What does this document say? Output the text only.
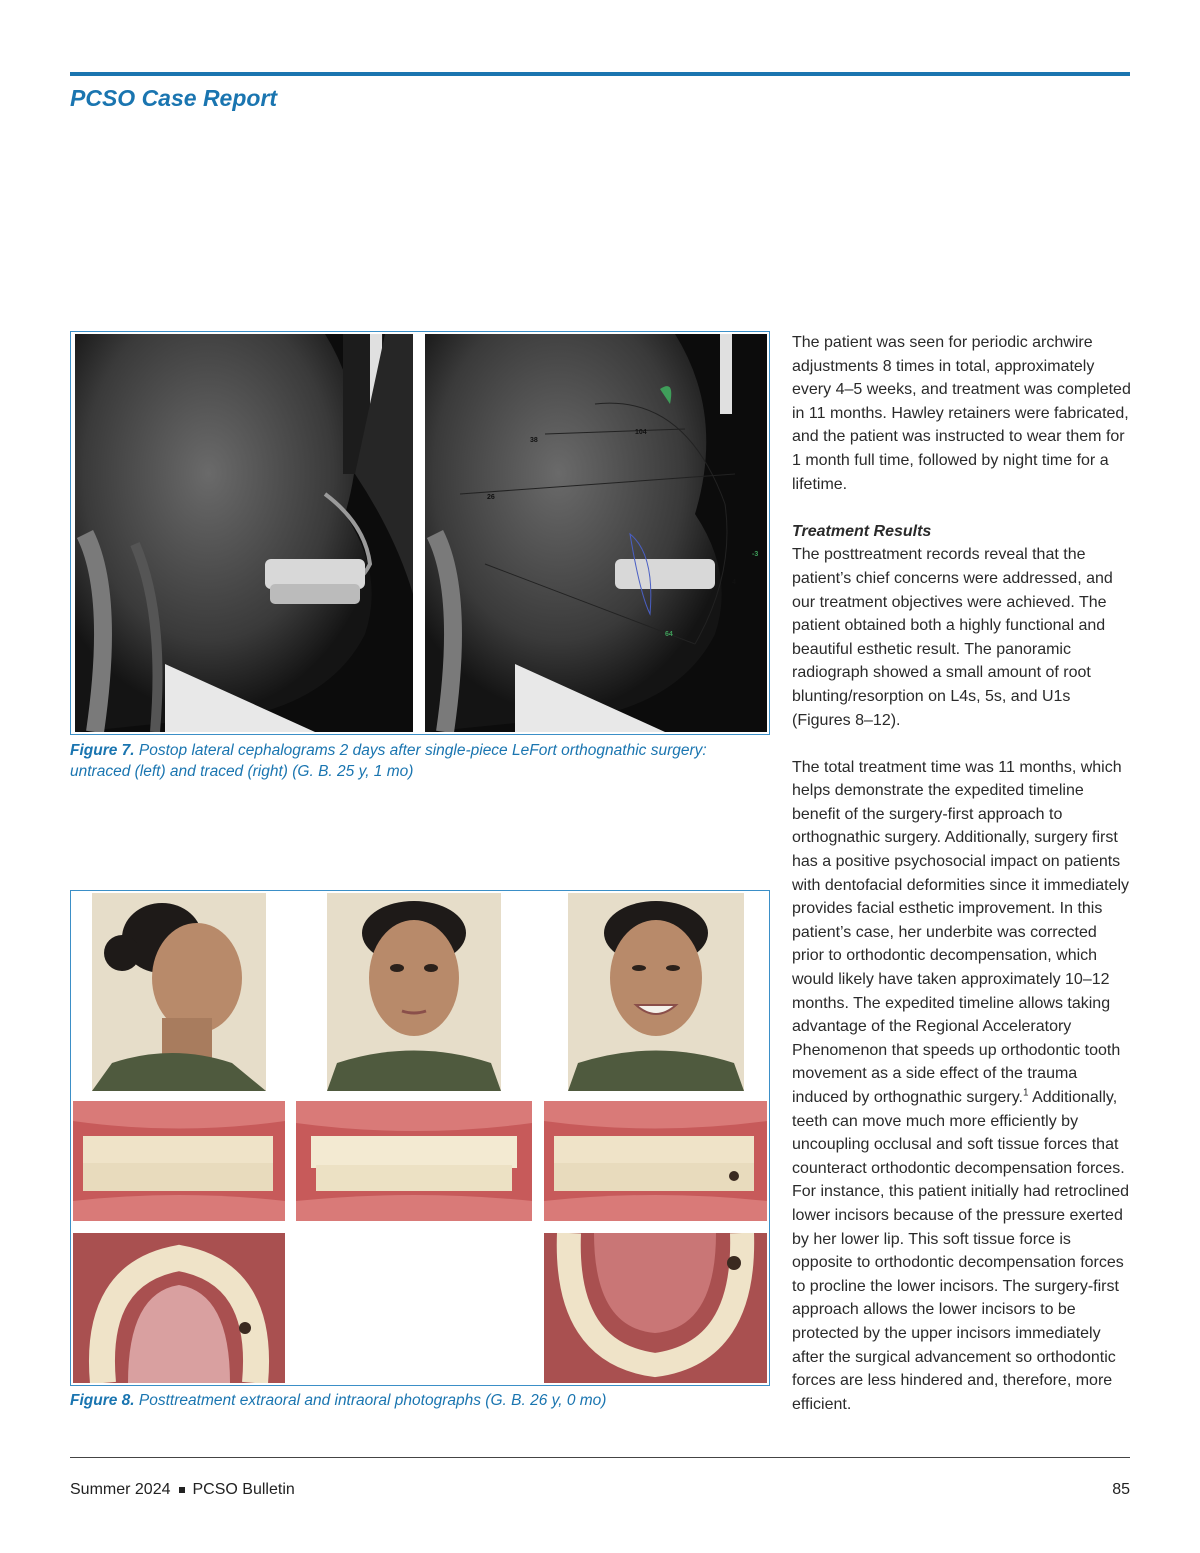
PCSO Case Report
38
104
26
-3
4
64
Figure 7. Postop lateral cephalograms 2 days after single-piece LeFort orthognathic surgery: untraced (left) and traced (right) (G. B. 25 y, 1 mo)
Figure 8. Posttreatment extraoral and intraoral photographs (G. B. 26 y, 0 mo)

The patient was seen for periodic archwire adjustments 8 times in total, approximately every 4–5 weeks, and treatment was completed in 11 months. Hawley retainers were fabricated, and the patient was instructed to wear them for 1 month full time, followed by night time for a lifetime.

Treatment Results

The posttreatment records reveal that the patient’s chief concerns were addressed, and our treatment objectives were achieved. The patient obtained both a highly functional and beautiful esthetic result. The panoramic radiograph showed a small amount of root blunting/resorption on L4s, 5s, and U1s (Figures 8–12).

The total treatment time was 11 months, which helps demonstrate the expedited timeline benefit of the surgery-first approach to orthognathic surgery. Additionally, surgery first has a positive psychosocial impact on patients with dentofacial deformities since it immediately provides facial esthetic improvement. In this patient’s case, her underbite was corrected prior to orthodontic decompensation, which would likely have taken approximately 10–12 months. The expedited timeline allows taking advantage of the Regional Acceleratory Phenomenon that speeds up orthodontic tooth movement as a side effect of the trauma induced by orthognathic surgery.$^1$ Additionally, teeth can move much more efficiently by uncoupling occlusal and soft tissue forces that counteract orthodontic decompensation forces. For instance, this patient initially had retroclined lower incisors because of the pressure exerted by her lower lip. This soft tissue force is opposite to orthodontic decompensation forces to procline the lower incisors. The surgery-first approach allows the lower incisors to be protected by the upper incisors immediately after the surgical advancement so orthodontic forces are less hindered and, therefore, more efficient.

Summer 2024 PCSO Bulletin	85
